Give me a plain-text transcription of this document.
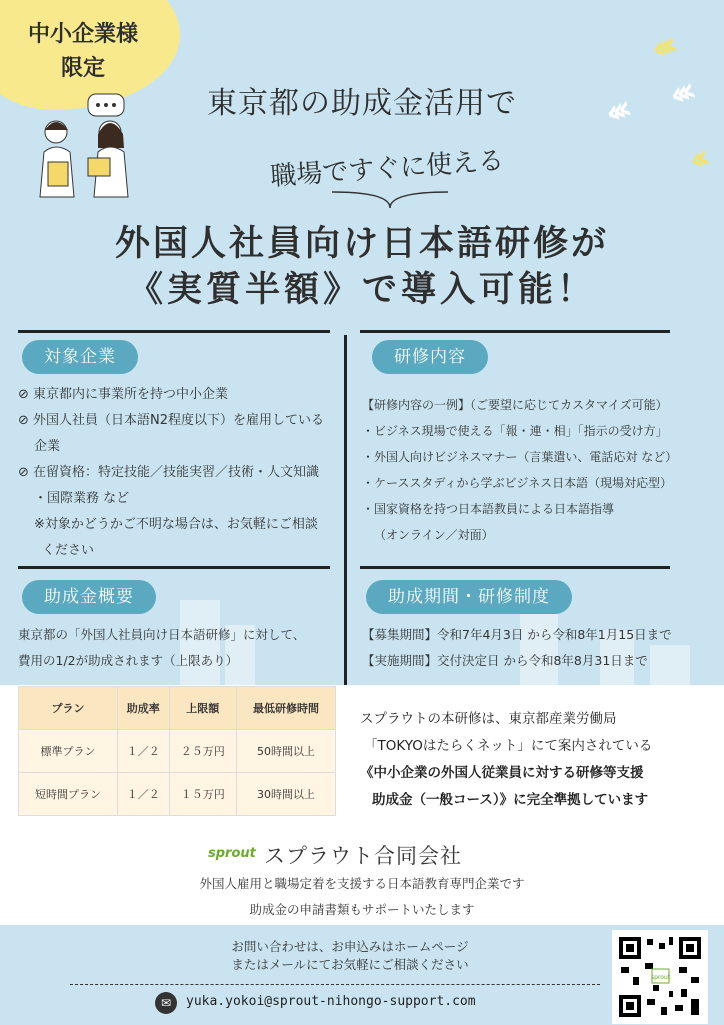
‹‹‹
‹‹‹ ‹‹‹
‹‹
中小企業様
限定
東京都の助成金活用で
職場ですぐに使える
外国人社員向け日本語研修が
《実質半額》で導入可能！
対象企業
⊘ 東京都内に事業所を持つ中小企業
⊘ 外国人社員（日本語N2程度以下）を雇用している
企業
⊘ 在留資格：特定技能／技能実習／技術・人文知識
・国際業務 など
※対象かどうかご不明な場合は、お気軽にご相談
ください
研修内容
【研修内容の一例】（ご要望に応じてカスタマイズ可能）
・ビジネス現場で使える「報・連・相」「指示の受け方」
・外国人向けビジネスマナー（言葉遣い、電話応対 など）
・ケーススタディから学ぶビジネス日本語（現場対応型）
・国家資格を持つ日本語教員による日本語指導
（オンライン／対面）
助成金概要
東京都の「外国人社員向け日本語研修」に対して、
費用の1/2が助成されます（上限あり）
助成期間・研修制度
【募集期間】令和7年4月3日 から令和8年1月15日まで
【実施期間】交付決定日 から令和8年8月31日まで
プラン	助成率	上限額	最低研修時間
標準プラン	１／２	２５万円	50時間以上
短時間プラン	１／２	１５万円	30時間以上
スプラウトの本研修は、東京都産業労働局
「TOKYOはたらくネット」にて案内されている
《中小企業の外国人従業員に対する研修等支援
助成金（一般コース）》に完全準拠しています
sprout スプラウト合同会社
外国人雇用と職場定着を支援する日本語教育専門企業です
助成金の申請書類もサポートいたします
お問い合わせは、お申込みはホームページ
またはメールにてお気軽にご相談ください
✉	yuka.yokoi@sprout-nihongo-support.com
sprout
